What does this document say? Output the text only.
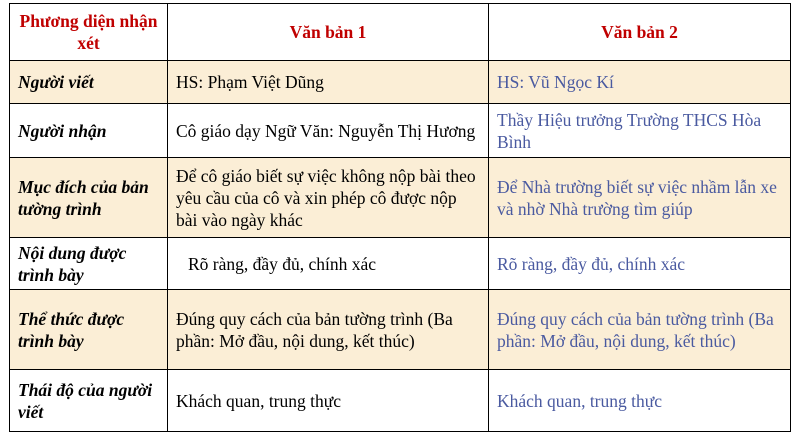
Phương diện nhận xét	Văn bản 1	Văn bản 2
Người viết	HS: Phạm Việt Dũng	HS: Vũ Ngọc Kí
Người nhận	Cô giáo dạy Ngữ Văn: Nguyễn Thị Hương	Thầy Hiệu trưởng Trường THCS Hòa Bình
Mục đích của bản tường trình	Để cô giáo biết sự việc không nộp bài theo yêu cầu của cô và xin phép cô được nộp bài vào ngày khác	Để Nhà trường biết sự việc nhầm lẫn xe và nhờ Nhà trường tìm giúp
Nội dung được trình bày	Rõ ràng, đầy đủ, chính xác	Rõ ràng, đầy đủ, chính xác
Thể thức được trình bày	Đúng quy cách của bản tường trình (Ba phần: Mở đầu, nội dung, kết thúc)	Đúng quy cách của bản tường trình (Ba phần: Mở đầu, nội dung, kết thúc)
Thái độ của người viết	Khách quan, trung thực	Khách quan, trung thực
